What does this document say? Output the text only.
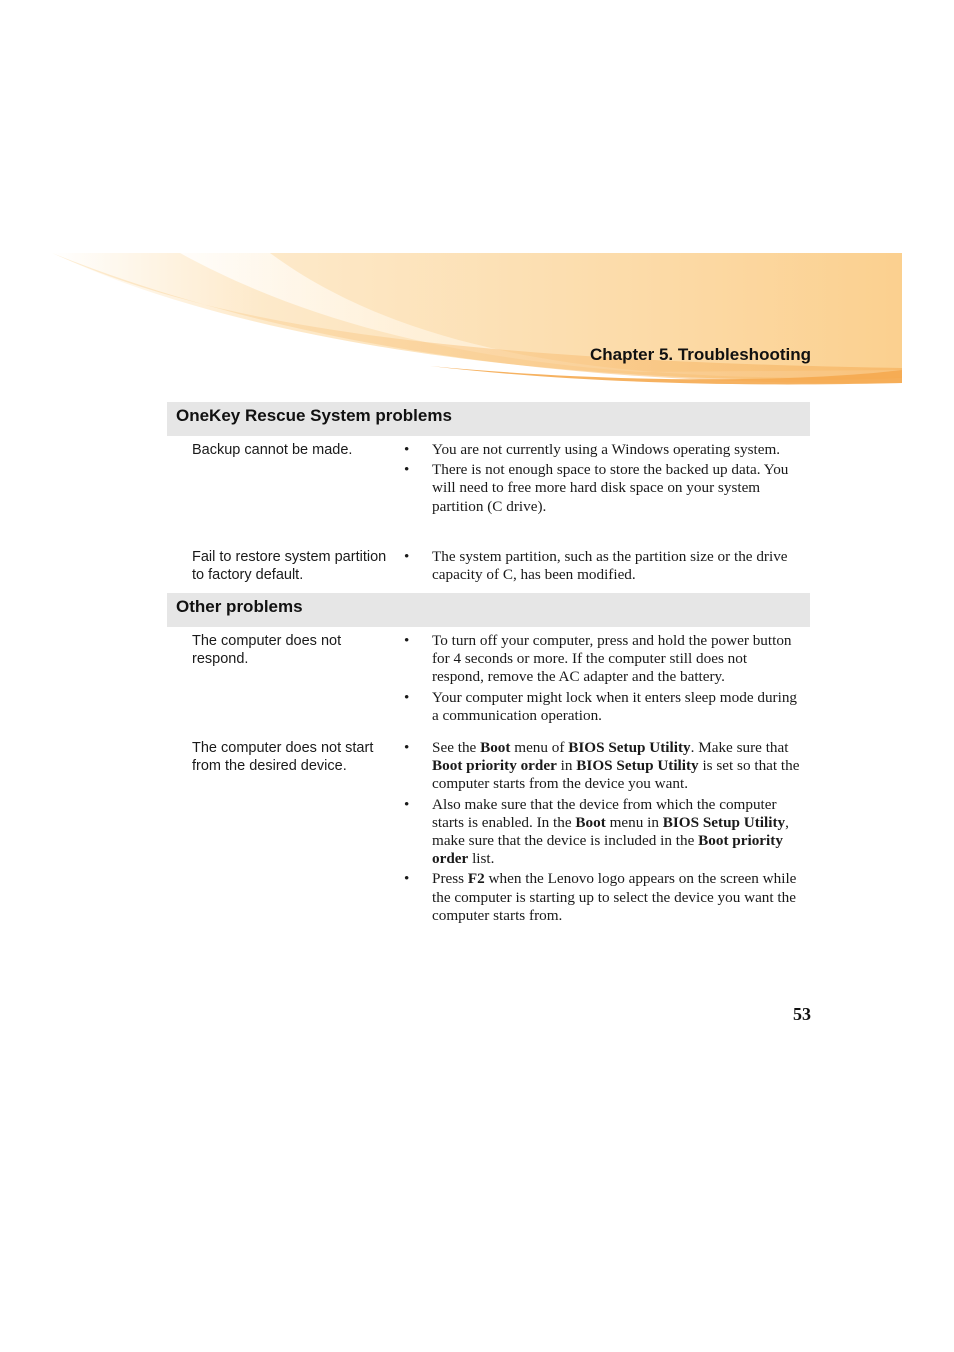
Chapter 5. Troubleshooting
OneKey Rescue System problems
Backup cannot be made.	• You are not currently using a Windows operating system.
• There is not enough space to store the backed up data. You will need to free more hard disk space on your system partition (C drive).
Fail to restore system partition to factory default.
• The system partition, such as the partition size or the drive capacity of C, has been modified.
Other problems
The computer does not respond.
• To turn off your computer, press and hold the power button for 4 seconds or more. If the computer still does not respond, remove the AC adapter and the battery.
• Your computer might lock when it enters sleep mode during a communication operation.
The computer does not start from the desired device.
• See the Boot menu of BIOS Setup Utility. Make sure that Boot priority order in BIOS Setup Utility is set so that the computer starts from the device you want.
• Also make sure that the device from which the computer starts is enabled. In the Boot menu in BIOS Setup Utility, make sure that the device is included in the Boot priority order list.
• Press F2 when the Lenovo logo appears on the screen while the computer is starting up to select the device you want the computer starts from.
53
